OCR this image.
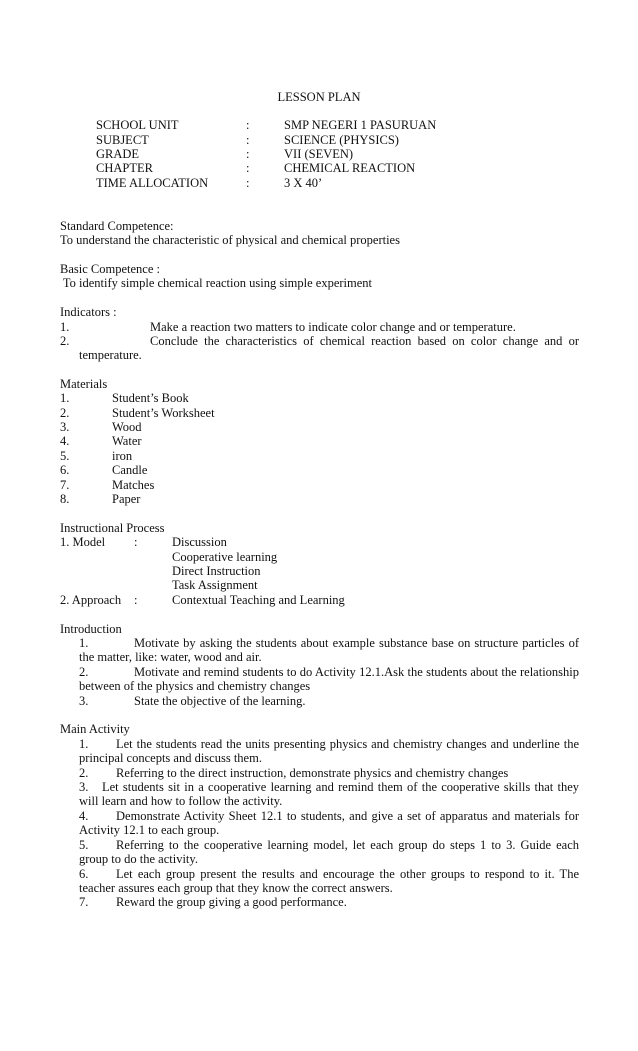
LESSON PLAN
SCHOOL UNIT	:	SMP NEGERI 1 PASURUAN
SUBJECT	:	SCIENCE (PHYSICS)
GRADE	:	VII (SEVEN)
CHAPTER	:	CHEMICAL REACTION
TIME ALLOCATION	:	3 X 40’
Standard Competence:
To understand the characteristic of physical and chemical properties
Basic Competence :
To identify simple chemical reaction using simple experiment
Indicators :
1.	Make a reaction two matters to indicate color change and or temperature.
2.	Conclude the characteristics of chemical reaction based on color change and or
temperature.
Materials
1.	Student’s Book
2.	Student’s Worksheet
3.	Wood
4.	Water
5.	iron
6.	Candle
7.	Matches
8.	Paper
Instructional Process
1. Model :	Discussion
Cooperative learning
Direct Instruction
Task Assignment
2. Approach :	Contextual Teaching and Learning
Introduction
1.	Motivate by asking the students about example substance base on structure particles of
the matter, like: water, wood and air.
2.	Motivate and remind students to do Activity 12.1.Ask the students about the relationship
between of the physics and chemistry changes
3.	State the objective of the learning.
Main Activity
1. Let the students read the units presenting physics and chemistry changes and underline the
principal concepts and discuss them.
2. Referring to the direct instruction, demonstrate physics and chemistry changes
3. Let students sit in a cooperative learning and remind them of the cooperative skills that they
will learn and how to follow the activity.
4. Demonstrate Activity Sheet 12.1 to students, and give a set of apparatus and materials for
Activity 12.1 to each group.
5. Referring to the cooperative learning model, let each group do steps 1 to 3. Guide each
group to do the activity.
6. Let each group present the results and encourage the other groups to respond to it. The
teacher assures each group that they know the correct answers.
7. Reward the group giving a good performance.
